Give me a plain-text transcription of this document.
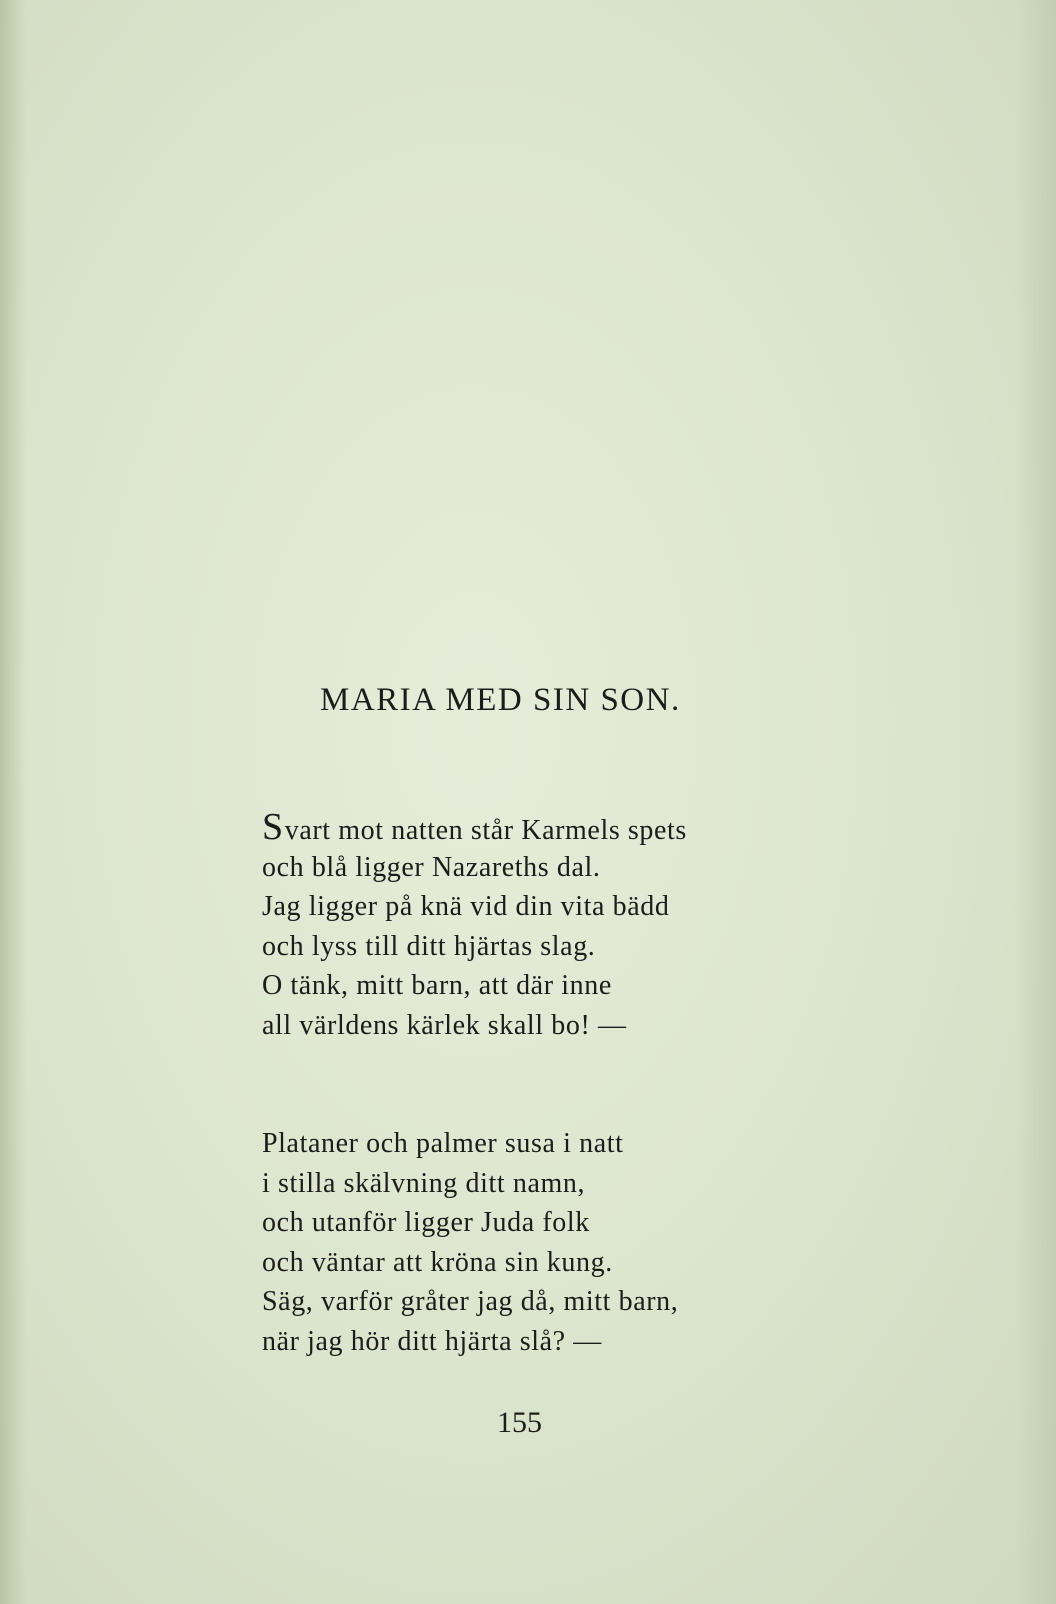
MARIA MED SIN SON.
Svart mot natten står Karmels spets
och blå ligger Nazareths dal.
Jag ligger på knä vid din vita bädd
och lyss till ditt hjärtas slag.
O tänk, mitt barn, att där inne
all världens kärlek skall bo! —
Plataner och palmer susa i natt
i stilla skälvning ditt namn,
och utanför ligger Juda folk
och väntar att kröna sin kung.
Säg, varför gråter jag då, mitt barn,
när jag hör ditt hjärta slå? —
155
